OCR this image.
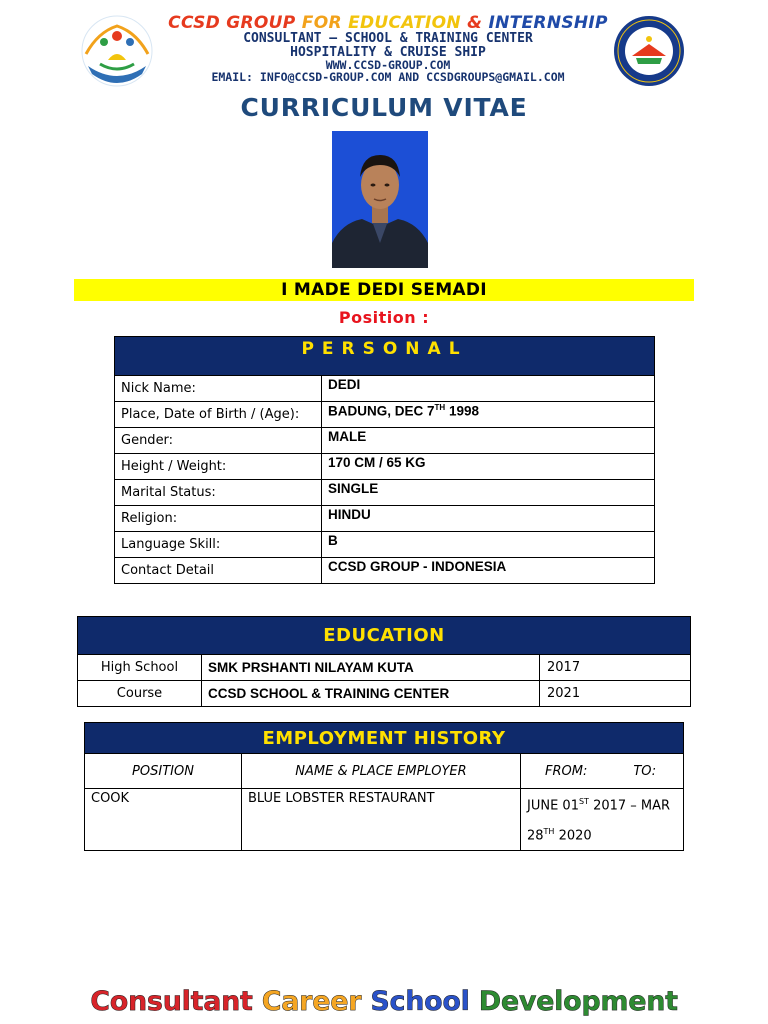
CCSD GROUP FOR EDUCATION & INTERNSHIP
CONSULTANT – SCHOOL & TRAINING CENTER
HOSPITALITY & CRUISE SHIP
WWW.CCSD-GROUP.COM
EMAIL: INFO@CCSD-GROUP.COM AND CCSDGROUPS@GMAIL.COM
CURRICULUM VITAE
I MADE DEDI SEMADI
Position :
PERSONAL	
Nick Name:	DEDI
Place, Date of Birth / (Age):	BADUNG, DEC 7TH 1998
Gender:	MALE
Height / Weight:	170 CM / 65 KG
Marital Status:	SINGLE
Religion:	HINDU
Language Skill:	B
Contact Detail	CCSD GROUP - INDONESIA
EDUCATION		
High School	SMK PRSHANTI NILAYAM KUTA	2017
Course	CCSD SCHOOL & TRAINING CENTER	2021
EMPLOYMENT HISTORY		
POSITION	NAME & PLACE EMPLOYER	FROM: TO:
COOK	BLUE LOBSTER RESTAURANT	JUNE 01ST 2017 – MAR
28TH 2020
Consultant Career School Development
